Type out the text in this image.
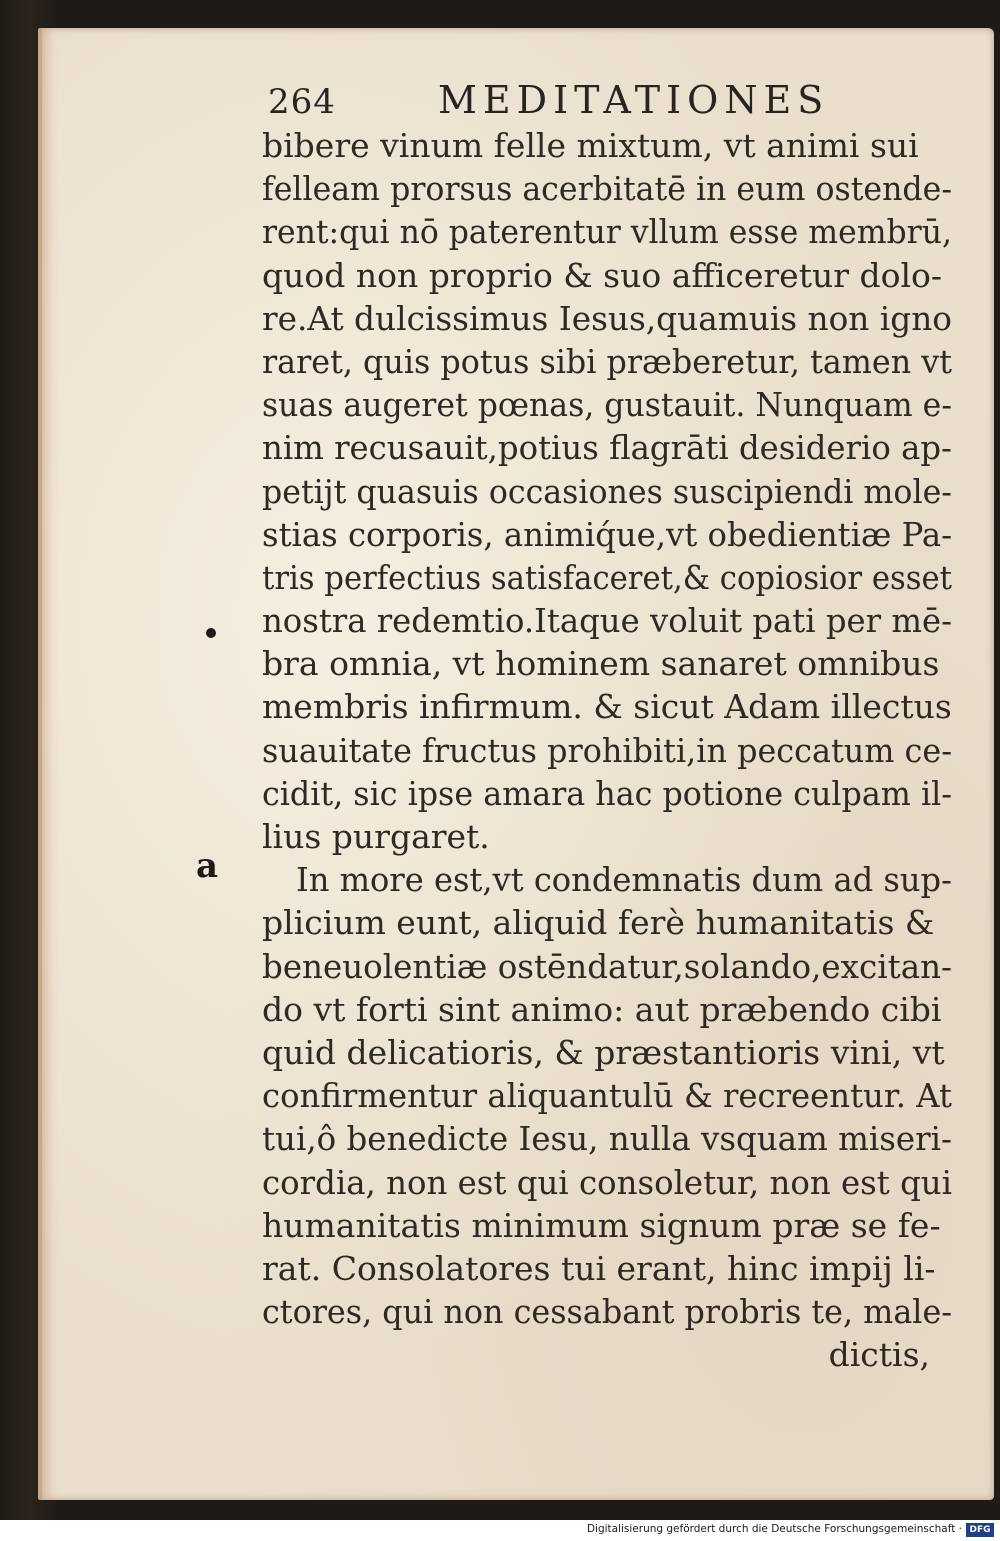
264	MEDITATIONES
a
bibere vinum felle mixtum, vt animi sui
felleam prorsus acerbitatē in eum ostende-
rent:qui nō paterentur vllum esse membrū,
quod non proprio & suo afficeretur dolo-
re.At dulcissimus Iesus,quamuis non igno
raret, quis potus sibi præberetur, tamen vt
suas augeret pœnas, gustauit. Nunquam e-
nim recusauit,potius flagrāti desiderio ap-
petijt quasuis occasiones suscipiendi mole-
stias corporis, animiq́ue,vt obedientiæ Pa-
tris perfectius satisfaceret,& copiosior esset
nostra redemtio.Itaque voluit pati per mē-
bra omnia, vt hominem sanaret omnibus
membris infirmum. & sicut Adam illectus
suauitate fructus prohibiti,in peccatum ce-
cidit, sic ipse amara hac potione culpam il-
lius purgaret.
In more est,vt condemnatis dum ad sup-
plicium eunt, aliquid ferè humanitatis &
beneuolentiæ ostēndatur,solando,excitan-
do vt forti sint animo: aut præbendo cibi
quid delicatioris, & præstantioris vini, vt
confirmentur aliquantulū & recreentur. At
tui,ô benedicte Iesu, nulla vsquam miseri-
cordia, non est qui consoletur, non est qui
humanitatis minimum signum præ se fe-
rat. Consolatores tui erant, hinc impij li-
ctores, qui non cessabant probris te, male-
dictis,
Digitalisierung gefördert durch die Deutsche Forschungsgemeinschaft · DFG
